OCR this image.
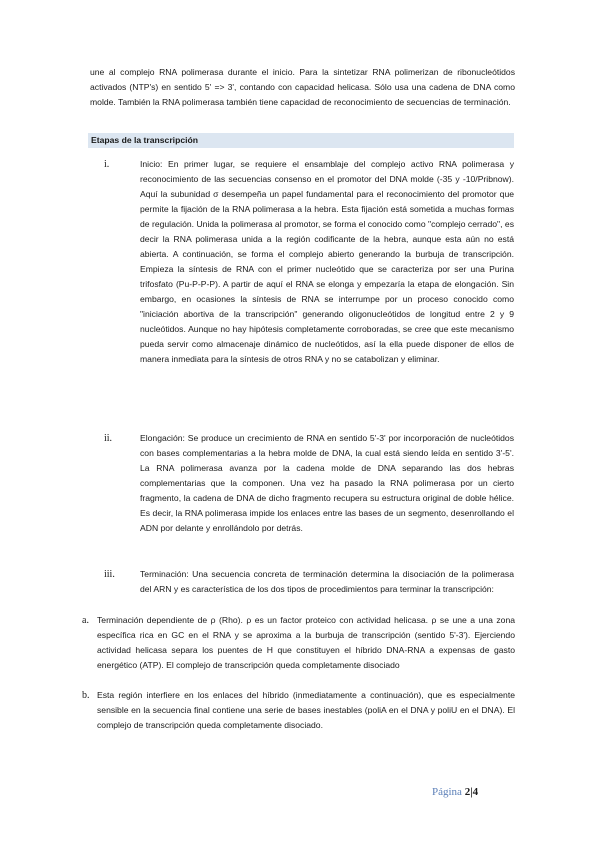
une al complejo RNA polimerasa durante el inicio. Para la sintetizar RNA polimerizan de ribonucleótidos activados (NTP's) en sentido 5' => 3', contando con capacidad helicasa. Sólo usa una cadena de DNA como molde. También la RNA polimerasa también tiene capacidad de reconocimiento de secuencias de terminación.

Etapas de la transcripción
i.	Inicio: En primer lugar, se requiere el ensamblaje del complejo activo RNA polimerasa y reconocimiento de las secuencias consenso en el promotor del DNA molde (-35 y -10/Pribnow). Aquí la subunidad σ desempeña un papel fundamental para el reconocimiento del promotor que permite la fijación de la RNA polimerasa a la hebra. Esta fijación está sometida a muchas formas de regulación. Unida la polimerasa al promotor, se forma el conocido como "complejo cerrado", es decir la RNA polimerasa unida a la región codificante de la hebra, aunque esta aún no está abierta. A continuación, se forma el complejo abierto generando la burbuja de transcripción. Empieza la síntesis de RNA con el primer nucleótido que se caracteriza por ser una Purina trifosfato (Pu-P-P-P). A partir de aquí el RNA se elonga y empezaría la etapa de elongación. Sin embargo, en ocasiones la síntesis de RNA se interrumpe por un proceso conocido como "iniciación abortiva de la transcripción" generando oligonucleótidos de longitud entre 2 y 9 nucleótidos. Aunque no hay hipótesis completamente corroboradas, se cree que este mecanismo pueda servir como almacenaje dinámico de nucleótidos, así la ella puede disponer de ellos de manera inmediata para la síntesis de otros RNA y no se catabolizan y eliminar.

ii.	Elongación: Se produce un crecimiento de RNA en sentido 5'-3' por incorporación de nucleótidos con bases complementarias a la hebra molde de DNA, la cual está siendo leída en sentido 3'-5'. La RNA polimerasa avanza por la cadena molde de DNA separando las dos hebras complementarias que la componen. Una vez ha pasado la RNA polimerasa por un cierto fragmento, la cadena de DNA de dicho fragmento recupera su estructura original de doble hélice. Es decir, la RNA polimerasa impide los enlaces entre las bases de un segmento, desenrollando el ADN por delante y enrollándolo por detrás.

iii.	Terminación: Una secuencia concreta de terminación determina la disociación de la polimerasa del ARN y es característica de los dos tipos de procedimientos para terminar la transcripción:

a. Terminación dependiente de ρ (Rho). ρ es un factor proteico con actividad helicasa. ρ se une a una zona específica rica en GC en el RNA y se aproxima a la burbuja de transcripción (sentido 5'-3'). Ejerciendo actividad helicasa separa los puentes de H que constituyen el híbrido DNA-RNA a expensas de gasto energético (ATP). El complejo de transcripción queda completamente disociado

b. Esta región interfiere en los enlaces del híbrido (inmediatamente a continuación), que es especialmente sensible en la secuencia final contiene una serie de bases inestables (poliA en el DNA y poliU en el DNA). El complejo de transcripción queda completamente disociado.

Página 2|4
